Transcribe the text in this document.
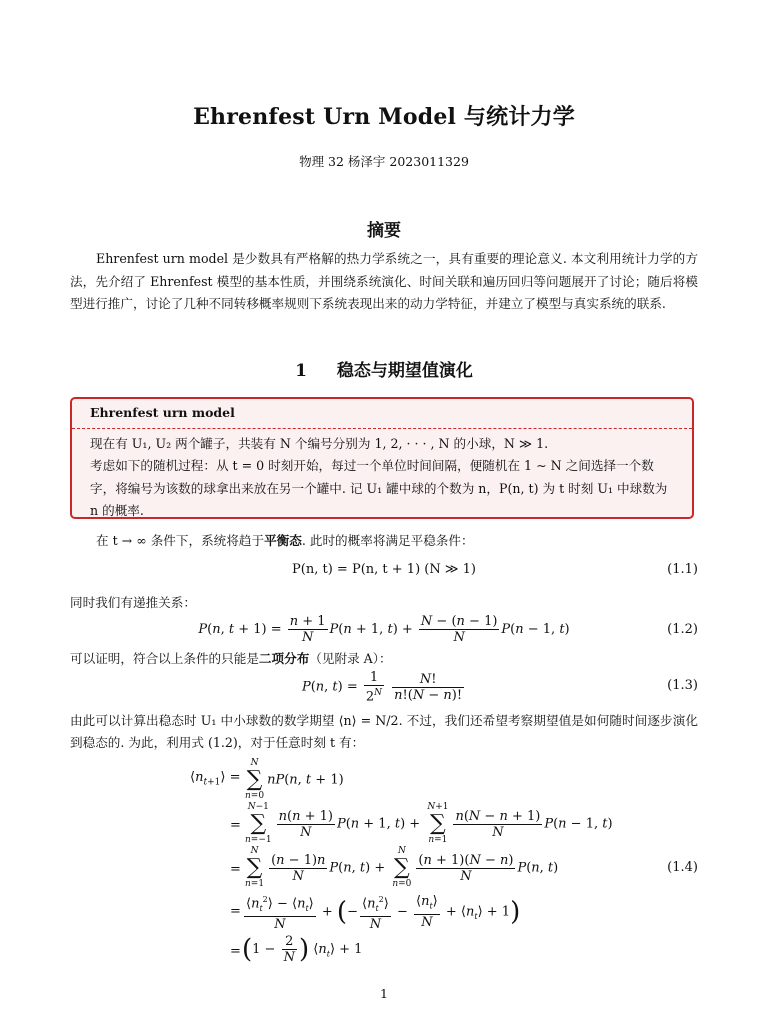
Ehrenfest Urn Model 与统计力学
物理 32 杨泽宇 2023011329
摘要
Ehrenfest urn model 是少数具有严格解的热力学系统之一，具有重要的理论意义. 本文利用统计力学的方法，先介绍了 Ehrenfest 模型的基本性质，并围绕系统演化、时间关联和遍历回归等问题展开了讨论；随后将模型进行推广，讨论了几种不同转移概率规则下系统表现出来的动力学特征，并建立了模型与真实系统的联系.
1 稳态与期望值演化
Ehrenfest urn model
现在有 U₁, U₂ 两个罐子，共装有 N 个编号分别为 1, 2, · · · , N 的小球，N ≫ 1.
考虑如下的随机过程：从 t = 0 时刻开始，每过一个单位时间间隔，便随机在 1 ∼ N 之间选择一个数字，将编号为该数的球拿出来放在另一个罐中. 记 U₁ 罐中球的个数为 n，P(n, t) 为 t 时刻 U₁ 中球数为 n 的概率.
在 t → ∞ 条件下，系统将趋于平衡态. 此时的概率将满足平稳条件：
P(n, t) = P(n, t + 1) (N ≫ 1)	(1.1)
同时我们有递推关系：
P(n, $t + 1) = \frac{n + 1}{N} P(n + 1$, $t) + \frac{N - (n - 1)}{N} P(n - 1$, t)	(1.2)
可以证明，符合以上条件的只能是二项分布（见附录 A）：
P(n, $t) = \frac{1}{2^N}$
$\frac{N!}{n!(N - n)!}$	(1.3)
由此可以计算出稳态时 U₁ 中小球数的数学期望 ⟨n⟩ = N/2. 不过，我们还希望考察期望值是如何随时间逐步演化到稳态的. 为此，利用式 (1.2)，对于任意时刻 t 有：
$⟨n_{t+1}⟩$ =
N
∑
n=0
nP(n, t + 1)
=
N−1
∑
n=−1
$\frac{n(n + 1)}{N} P(n + 1$, t) +
N+1
∑
n=1
$\frac{n(N - n + 1)}{N} P(n - 1$, t)
=
N
∑
n=1
$\frac{(n - 1)n}{N} P(n$, t) +
N
∑
n=0
$\frac{(n + 1)(N - n)}{N} P(n$, t)
= $\frac{⟨n_t^2⟩ - ⟨n_t⟩}{N}$ + (− $\frac{⟨n_t^2⟩}{N} - \frac{⟨n_t⟩}{N}$ + $⟨n_t⟩ + 1$)
= ($1 - \frac{2}{N}$ ) $⟨n_t⟩ + 1$
(1.4)
1
